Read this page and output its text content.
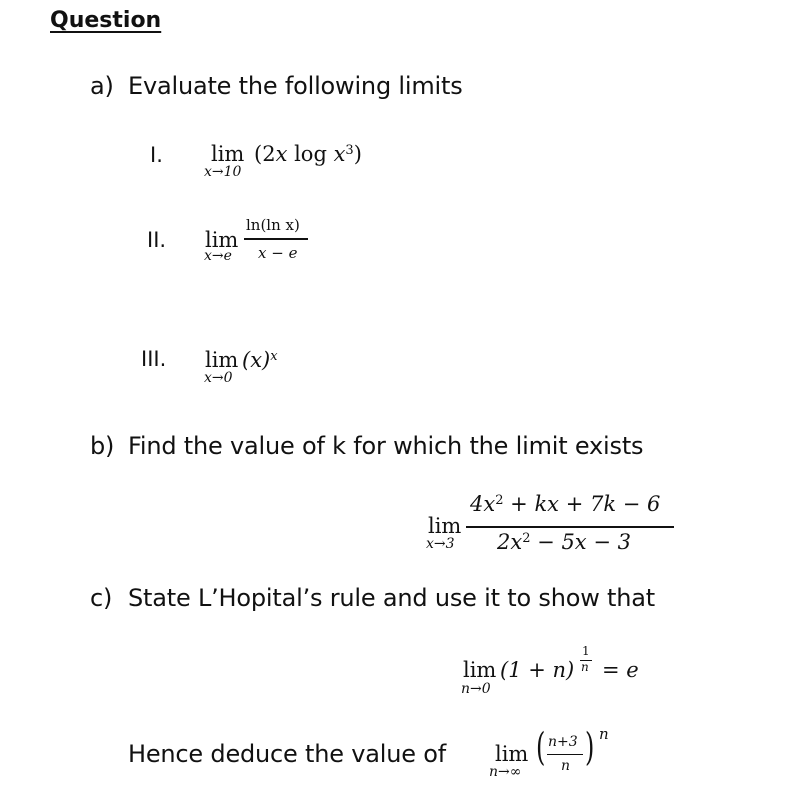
Question
a) Evaluate the following limits
I. lim
x→10
(2x $\log x^3$)
II. lim
x→e
ln(ln x)
x − e
III. lim
x→0
$(x)^x$
b) Find the value of k for which the limit exists
lim
x→3
$4x^2$ + kx + 7k − 6
$2x^2 - 5x - 3$
c) State L’Hopital’s rule and use it to show that
lim
n→0
(1 + n)
1
n = e
Hence deduce the value of lim
n→∞
( n+3
n ) n
